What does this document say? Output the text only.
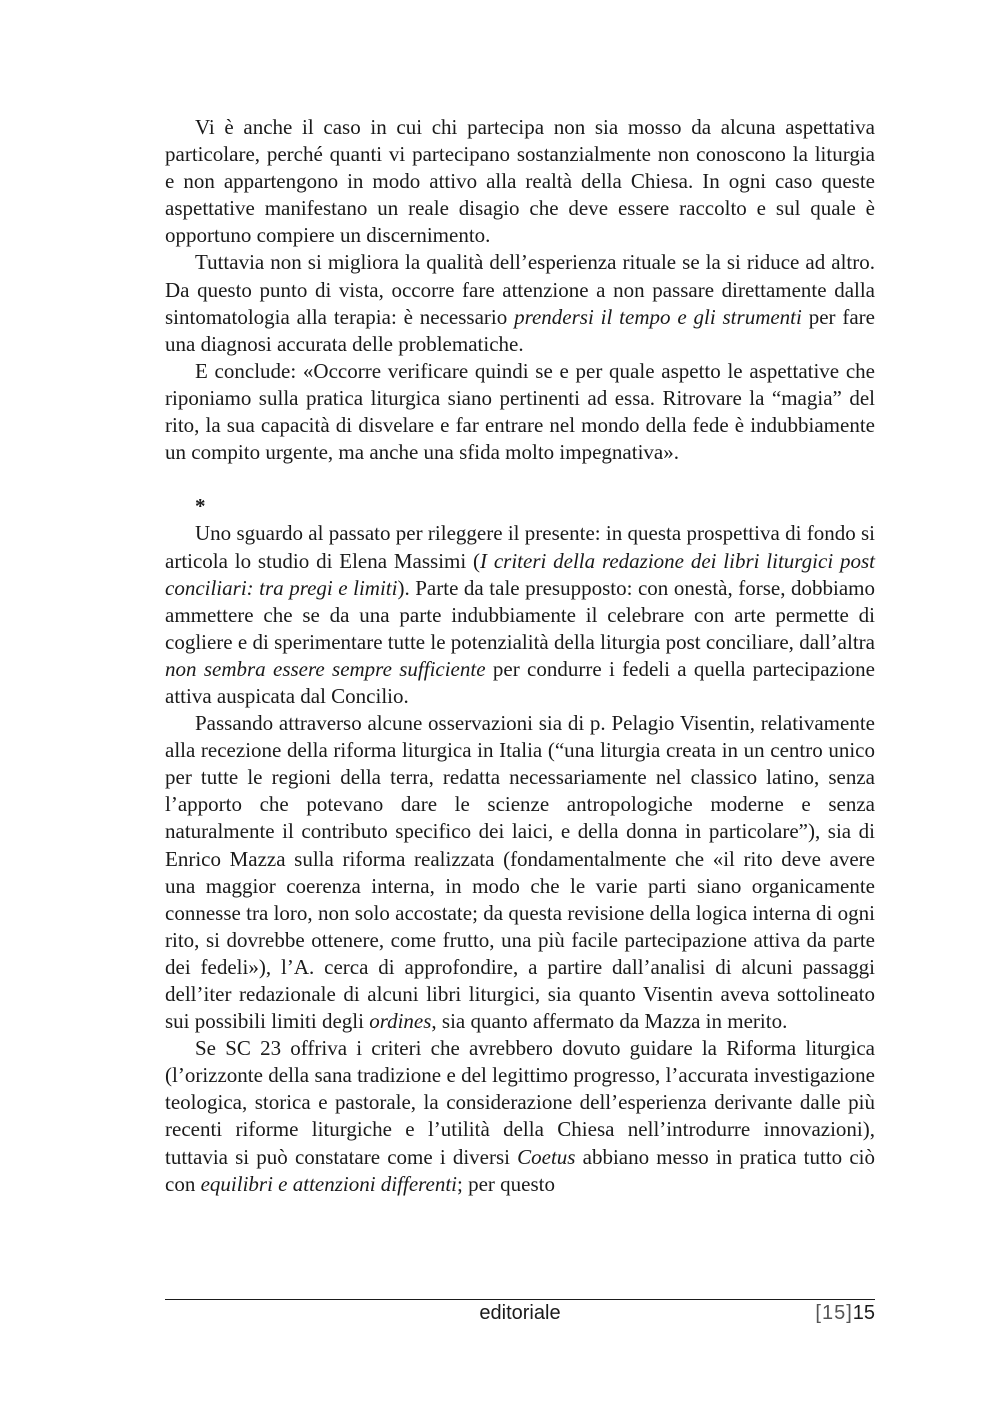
Vi è anche il caso in cui chi partecipa non sia mosso da alcuna aspettativa particolare, perché quanti vi partecipano sostanzialmente non conoscono la liturgia e non appartengono in modo attivo alla realtà della Chiesa. In ogni caso queste aspettative manifestano un reale disagio che deve essere raccolto e sul quale è opportuno compiere un discernimento.

Tuttavia non si migliora la qualità dell’esperienza rituale se la si riduce ad altro. Da questo punto di vista, occorre fare attenzione a non passare direttamente dalla sintomatologia alla terapia: è necessario prendersi il tempo e gli strumenti per fare una diagnosi accurata delle problematiche.

E conclude: «Occorre verificare quindi se e per quale aspetto le aspettative che riponiamo sulla pratica liturgica siano pertinenti ad essa. Ritrovare la “magia” del rito, la sua capacità di disvelare e far entrare nel mondo della fede è indubbiamente un compito urgente, ma anche una sfida molto impegnativa».

*

Uno sguardo al passato per rileggere il presente: in questa prospettiva di fondo si articola lo studio di Elena Massimi (I criteri della redazione dei libri liturgici post conciliari: tra pregi e limiti). Parte da tale presupposto: con onestà, forse, dobbiamo ammettere che se da una parte indubbiamente il celebrare con arte permette di cogliere e di sperimentare tutte le potenzialità della liturgia post conciliare, dall’altra non sembra essere sempre sufficiente per condurre i fedeli a quella partecipazione attiva auspicata dal Concilio.

Passando attraverso alcune osservazioni sia di p. Pelagio Visentin, relativamente alla recezione della riforma liturgica in Italia (“una liturgia creata in un centro unico per tutte le regioni della terra, redatta necessariamente nel classico latino, senza l’apporto che potevano dare le scienze antropologiche moderne e senza naturalmente il contributo specifico dei laici, e della donna in particolare”), sia di Enrico Mazza sulla riforma realizzata (fondamentalmente che «il rito deve avere una maggior coerenza interna, in modo che le varie parti siano organicamente connesse tra loro, non solo accostate; da questa revisione della logica interna di ogni rito, si dovrebbe ottenere, come frutto, una più facile partecipazione attiva da parte dei fedeli»), l’A. cerca di approfondire, a partire dall’analisi di alcuni passaggi dell’iter redazionale di alcuni libri liturgici, sia quanto Visentin aveva sottolineato sui possibili limiti degli ordines, sia quanto affermato da Mazza in merito.

Se SC 23 offriva i criteri che avrebbero dovuto guidare la Riforma liturgica (l’orizzonte della sana tradizione e del legittimo progresso, l’accurata investigazione teologica, storica e pastorale, la considerazione dell’esperienza derivante dalle più recenti riforme liturgiche e l’utilità della Chiesa nell’introdurre innovazioni), tuttavia si può constatare come i diversi Coetus abbiano messo in pratica tutto ciò con equilibri e attenzioni differenti; per questo

editoriale	[15]15
